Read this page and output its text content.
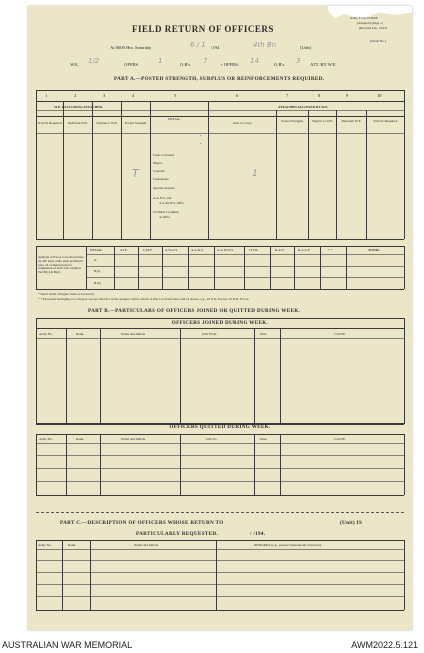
Army Form W.3008
(Adapted) (Page 1)
(Revised Jan., 1943)
FIELD RETURN OF OFFICERS
At 0600 Hrs. Saturday	6 / 1 /194	4th Bn	(Unit)
(Serial No.)
W.E. 1/2	OFFRS.	1	O.R's 7	+ OFFRS. 14	O.R's. 3 ATT. BY W.E.
PART A.—POSTED STRENGTH, SURPLUS OR REINFORCEMENTS REQUIRED.
1	2	3	4	5	6	7	8	9	10
W.E. EXCLUDING ATTACHED.	ATTACHED ALLOWED BY W.E.
Nob/Ve Required.	Deficient W.E.	Surplus to W.E.	Posted Strength.
DETAIL.
*
*
Arm or Corps.	Posted Strength.	Surplus to W.E.	Deficient W.E.	Nob/Ve Required.
Lieut.-Colonels
Majors
Captains
Lieutenants
Quarter-masters
A.A.N.S. and
A.A.M.W.S. Offrs.
Civilians Counting
as Offrs.
T	1
Analysis of Part A to be shown here by AIF units. Only units notified in para. 16 of Instructions for completion of form will complete Part B(1) & B(ii).
DETAIL.	A.I.F.	C.M.F.	A.W.A.S.	A.A.N.S.	A.A.M.W.S.	CIVIL.	R.A.N.	R.A.A.F.	* *	TOTAL.
A.
B.(i)
B.(ii)
* Insert detail of higher ranks as necessary.
* * Personnel belonging to a category not provided for in the analysis will be shown in this Col. Particulars will be shown, e.g., 10 U.K. Forces; 10 R.N. Forces
PART B.—PARTICULARS OF OFFICERS JOINED OR QUITTED DURING WEEK.
OFFICERS JOINED DURING WEEK.
Army No.	Rank.	Name and Initials.	Unit From.	Date.	CAUSE.
OFFICERS QUITTED DURING WEEK.
Army No.	Rank.	Name and Initials.	Unit To.	Date.	CAUSE.
PART C.—DESCRIPTION OF OFFICERS WHOSE RETURN TO	(Unit) IS
PARTICULARLY REQUESTED.	/ /194.
Army No.	Rank.	Name and Initials.	REMARKS (e.g., present whereabouts if known).
AUSTRALIAN WAR MEMORIAL	AWM2022.5.121
